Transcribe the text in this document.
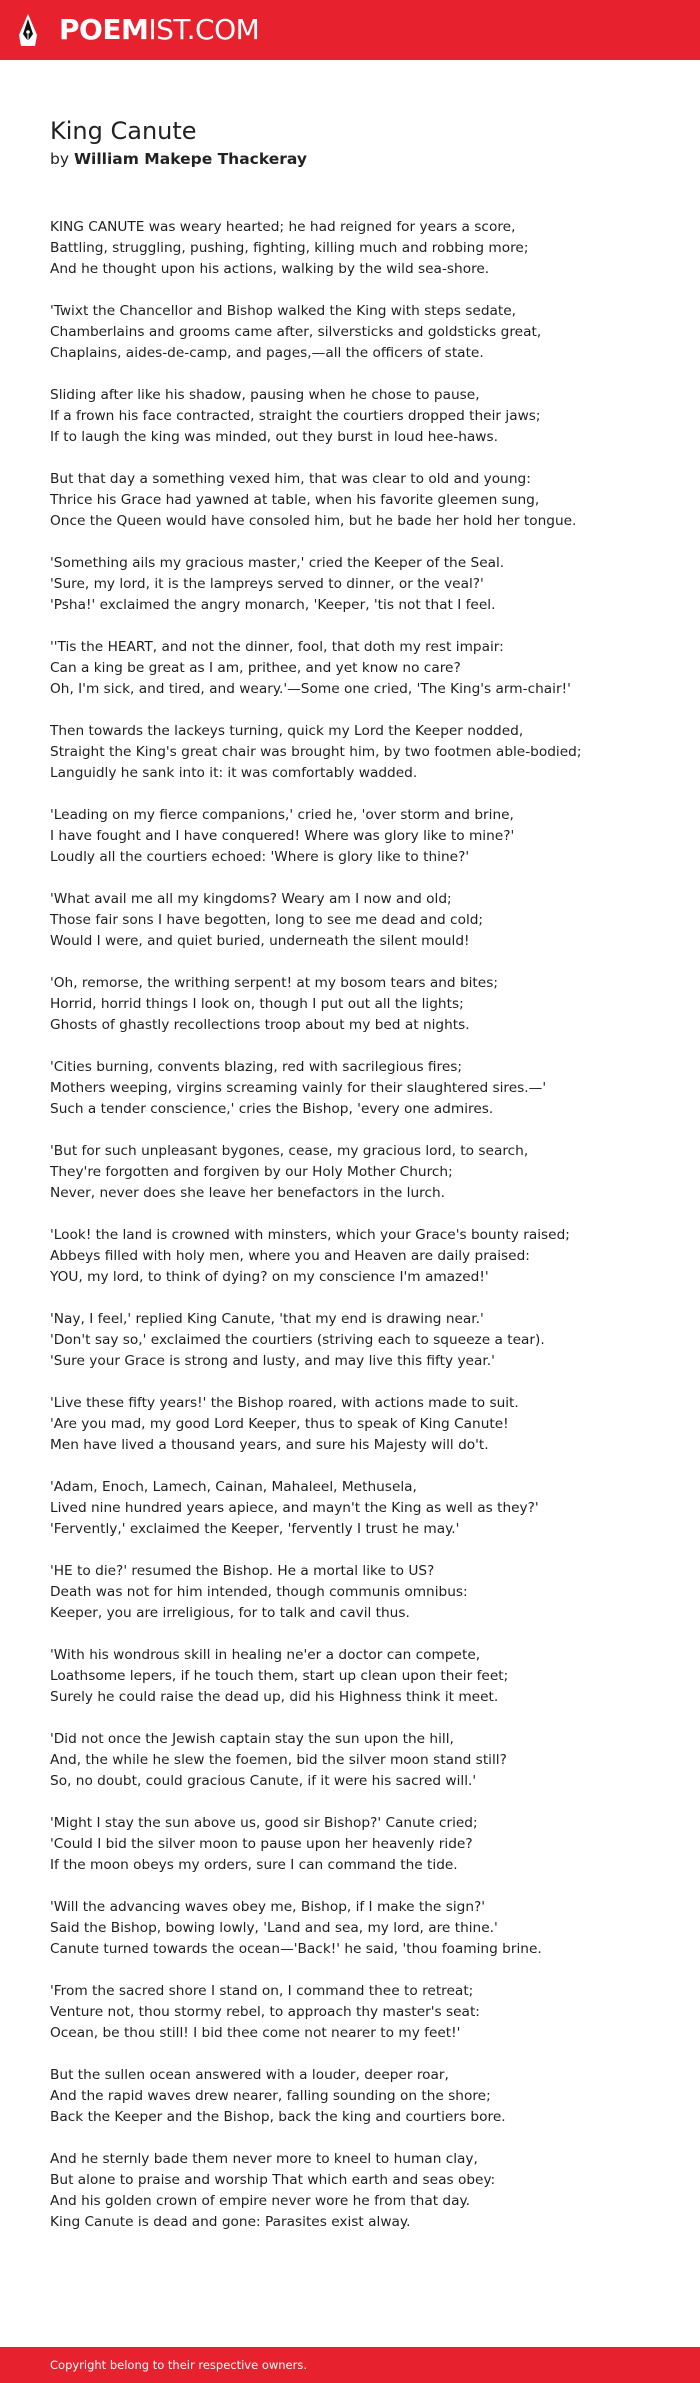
POEMIST.COM
King Canute
by William Makepe Thackeray
KING CANUTE was weary hearted; he had reigned for years a score,
Battling, struggling, pushing, fighting, killing much and robbing more;
And he thought upon his actions, walking by the wild sea-shore.
'Twixt the Chancellor and Bishop walked the King with steps sedate,
Chamberlains and grooms came after, silversticks and goldsticks great,
Chaplains, aides-de-camp, and pages,—all the officers of state.
Sliding after like his shadow, pausing when he chose to pause,
If a frown his face contracted, straight the courtiers dropped their jaws;
If to laugh the king was minded, out they burst in loud hee-haws.
But that day a something vexed him, that was clear to old and young:
Thrice his Grace had yawned at table, when his favorite gleemen sung,
Once the Queen would have consoled him, but he bade her hold her tongue.
'Something ails my gracious master,' cried the Keeper of the Seal.
'Sure, my lord, it is the lampreys served to dinner, or the veal?'
'Psha!' exclaimed the angry monarch, 'Keeper, 'tis not that I feel.
''Tis the HEART, and not the dinner, fool, that doth my rest impair:
Can a king be great as I am, prithee, and yet know no care?
Oh, I'm sick, and tired, and weary.'—Some one cried, 'The King's arm-chair!'
Then towards the lackeys turning, quick my Lord the Keeper nodded,
Straight the King's great chair was brought him, by two footmen able-bodied;
Languidly he sank into it: it was comfortably wadded.
'Leading on my fierce companions,' cried he, 'over storm and brine,
I have fought and I have conquered! Where was glory like to mine?'
Loudly all the courtiers echoed: 'Where is glory like to thine?'
'What avail me all my kingdoms? Weary am I now and old;
Those fair sons I have begotten, long to see me dead and cold;
Would I were, and quiet buried, underneath the silent mould!
'Oh, remorse, the writhing serpent! at my bosom tears and bites;
Horrid, horrid things I look on, though I put out all the lights;
Ghosts of ghastly recollections troop about my bed at nights.
'Cities burning, convents blazing, red with sacrilegious fires;
Mothers weeping, virgins screaming vainly for their slaughtered sires.—'
Such a tender conscience,' cries the Bishop, 'every one admires.
'But for such unpleasant bygones, cease, my gracious lord, to search,
They're forgotten and forgiven by our Holy Mother Church;
Never, never does she leave her benefactors in the lurch.
'Look! the land is crowned with minsters, which your Grace's bounty raised;
Abbeys filled with holy men, where you and Heaven are daily praised:
YOU, my lord, to think of dying? on my conscience I'm amazed!'
'Nay, I feel,' replied King Canute, 'that my end is drawing near.'
'Don't say so,' exclaimed the courtiers (striving each to squeeze a tear).
'Sure your Grace is strong and lusty, and may live this fifty year.'
'Live these fifty years!' the Bishop roared, with actions made to suit.
'Are you mad, my good Lord Keeper, thus to speak of King Canute!
Men have lived a thousand years, and sure his Majesty will do't.
'Adam, Enoch, Lamech, Cainan, Mahaleel, Methusela,
Lived nine hundred years apiece, and mayn't the King as well as they?'
'Fervently,' exclaimed the Keeper, 'fervently I trust he may.'
'HE to die?' resumed the Bishop. He a mortal like to US?
Death was not for him intended, though communis omnibus:
Keeper, you are irreligious, for to talk and cavil thus.
'With his wondrous skill in healing ne'er a doctor can compete,
Loathsome lepers, if he touch them, start up clean upon their feet;
Surely he could raise the dead up, did his Highness think it meet.
'Did not once the Jewish captain stay the sun upon the hill,
And, the while he slew the foemen, bid the silver moon stand still?
So, no doubt, could gracious Canute, if it were his sacred will.'
'Might I stay the sun above us, good sir Bishop?' Canute cried;
'Could I bid the silver moon to pause upon her heavenly ride?
If the moon obeys my orders, sure I can command the tide.
'Will the advancing waves obey me, Bishop, if I make the sign?'
Said the Bishop, bowing lowly, 'Land and sea, my lord, are thine.'
Canute turned towards the ocean—'Back!' he said, 'thou foaming brine.
'From the sacred shore I stand on, I command thee to retreat;
Venture not, thou stormy rebel, to approach thy master's seat:
Ocean, be thou still! I bid thee come not nearer to my feet!'
But the sullen ocean answered with a louder, deeper roar,
And the rapid waves drew nearer, falling sounding on the shore;
Back the Keeper and the Bishop, back the king and courtiers bore.
And he sternly bade them never more to kneel to human clay,
But alone to praise and worship That which earth and seas obey:
And his golden crown of empire never wore he from that day.
King Canute is dead and gone: Parasites exist alway.
Copyright belong to their respective owners.
